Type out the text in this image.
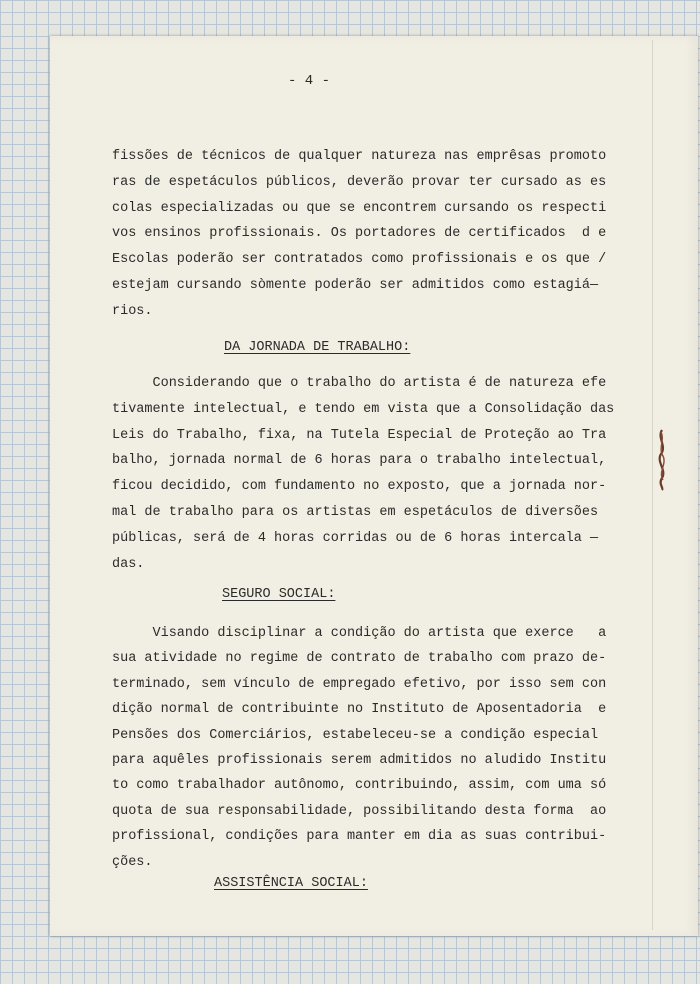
- 4 -
fissões de técnicos de qualquer natureza nas emprêsas promoto
ras de espetáculos públicos, deverão provar ter cursado as es
colas especializadas ou que se encontrem cursando os respecti
vos ensinos profissionais. Os portadores de certificados  d e
Escolas poderão ser contratados como profissionais e os que /
estejam cursando sòmente poderão ser admitidos como estagiá—
rios.
DA JORNADA DE TRABALHO:
Considerando que o trabalho do artista é de natureza efe
tivamente intelectual, e tendo em vista que a Consolidação das
Leis do Trabalho, fixa, na Tutela Especial de Proteção ao Tra
balho, jornada normal de 6 horas para o trabalho intelectual,
ficou decidido, com fundamento no exposto, que a jornada nor-
mal de trabalho para os artistas em espetáculos de diversões
públicas, será de 4 horas corridas ou de 6 horas intercala —
das.
SEGURO SOCIAL:
Visando disciplinar a condição do artista que exerce   a
sua atividade no regime de contrato de trabalho com prazo de-
terminado, sem vínculo de empregado efetivo, por isso sem con
dição normal de contribuinte no Instituto de Aposentadoria  e
Pensões dos Comerciários, estabeleceu-se a condição especial
para aquêles profissionais serem admitidos no aludido Institu
to como trabalhador autônomo, contribuindo, assim, com uma só
quota de sua responsabilidade, possibilitando desta forma  ao
profissional, condições para manter em dia as suas contribui-
ções.
ASSISTÊNCIA SOCIAL:
